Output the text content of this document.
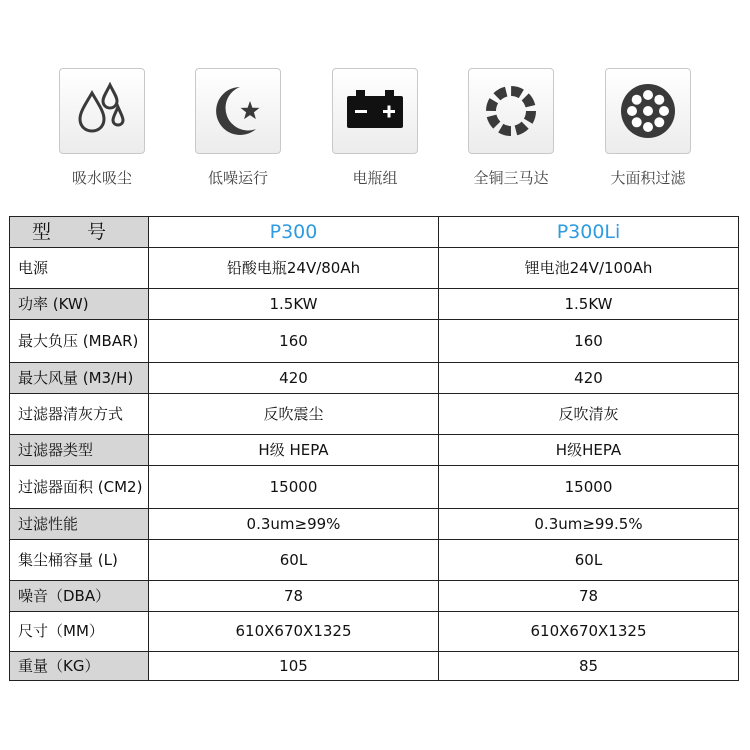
吸水吸尘	低噪运行	电瓶组	全铜三马达	大面积过滤
型号	P300	P300Li
电源	铅酸电瓶24V/80Ah	锂电池24V/100Ah
功率 (KW)	1.5KW	1.5KW
最大负压 (MBAR)	160	160
最大风量 (M3/H)	420	420
过滤器清灰方式	反吹震尘	反吹清灰
过滤器类型	H级 HEPA	H级HEPA
过滤器面积 (CM2)	15000	15000
过滤性能	0.3um≥99%	0.3um≥99.5%
集尘桶容量 (L)	60L	60L
噪音（DBA）	78	78
尺寸（MM）	610X670X1325	610X670X1325
重量（KG）	105	85
